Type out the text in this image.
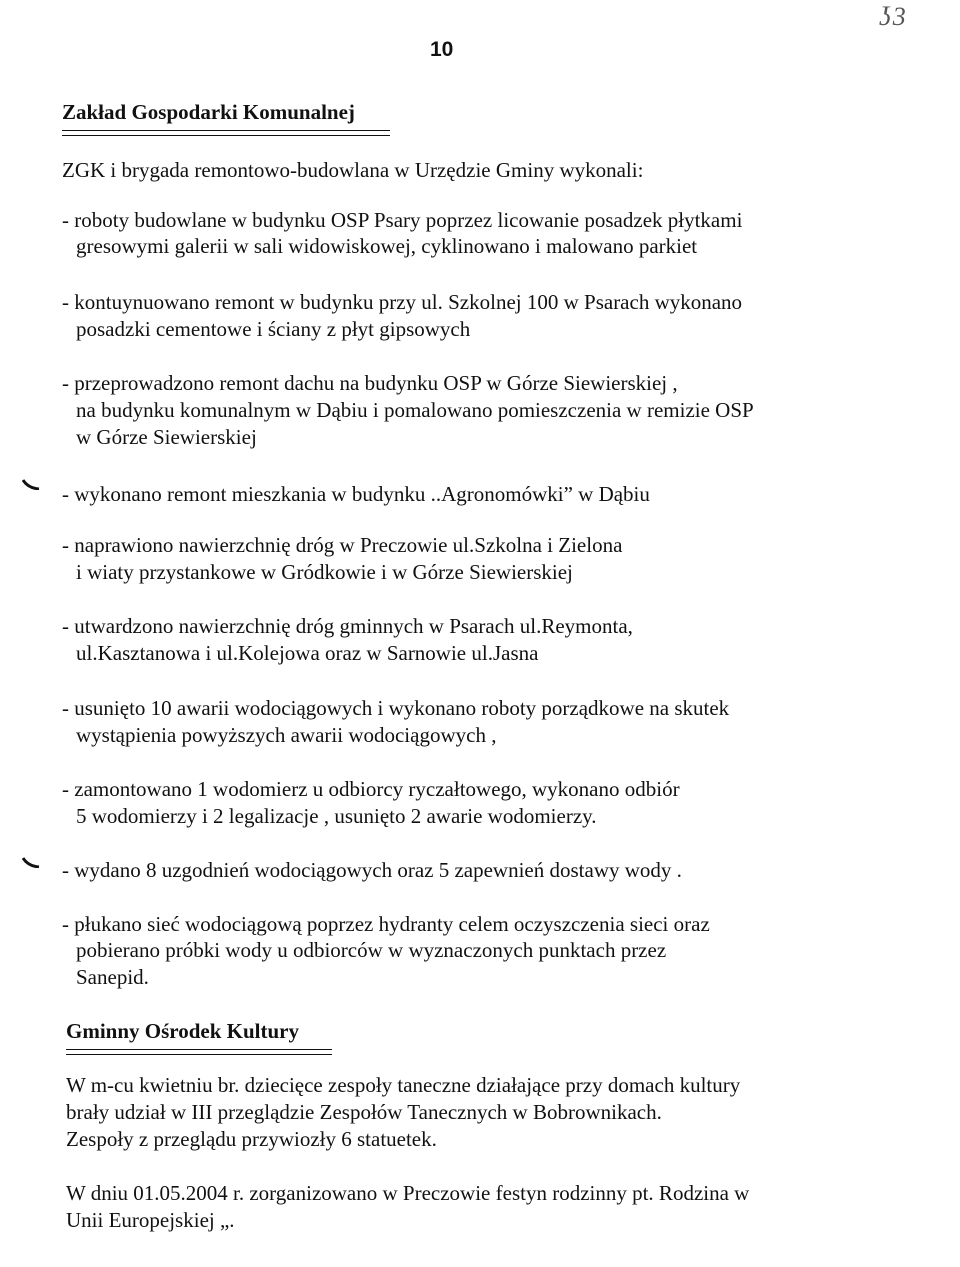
ʖ3
10
Zakład Gospodarki Komunalnej
ZGK i brygada remontowo-budowlana w Urzędzie Gminy wykonali:
- roboty budowlane w budynku OSP Psary poprzez licowanie posadzek płytkami
gresowymi galerii w sali widowiskowej, cyklinowano i malowano parkiet
- kontuynuowano remont w budynku przy ul. Szkolnej 100 w Psarach wykonano
posadzki cementowe i ściany z płyt gipsowych
- przeprowadzono remont dachu na budynku OSP w Górze Siewierskiej ,
na budynku komunalnym w Dąbiu i pomalowano pomieszczenia w remizie OSP
w Górze Siewierskiej
- wykonano remont mieszkania w budynku ..Agronomówki” w Dąbiu
- naprawiono nawierzchnię dróg w Preczowie ul.Szkolna i Zielona
i wiaty przystankowe w Gródkowie i w Górze Siewierskiej
- utwardzono nawierzchnię dróg gminnych w Psarach ul.Reymonta,
ul.Kasztanowa i ul.Kolejowa oraz w Sarnowie ul.Jasna
- usunięto 10 awarii wodociągowych i wykonano roboty porządkowe na skutek
wystąpienia powyższych awarii wodociągowych ,
- zamontowano 1 wodomierz u odbiorcy ryczałtowego, wykonano odbiór
5 wodomierzy i 2 legalizacje , usunięto 2 awarie wodomierzy.
- wydano 8 uzgodnień wodociągowych oraz 5 zapewnień dostawy wody .
- płukano sieć wodociągową poprzez hydranty celem oczyszczenia sieci oraz
pobierano próbki wody u odbiorców w wyznaczonych punktach przez
Sanepid.
Gminny Ośrodek Kultury
W m-cu kwietniu br. dziecięce zespoły taneczne działające przy domach kultury
brały udział w III przeglądzie Zespołów Tanecznych w Bobrownikach.
Zespoły z przeglądu przywiozły 6 statuetek.
W dniu 01.05.2004 r. zorganizowano w Preczowie festyn rodzinny pt. Rodzina w
Unii Europejskiej „.
